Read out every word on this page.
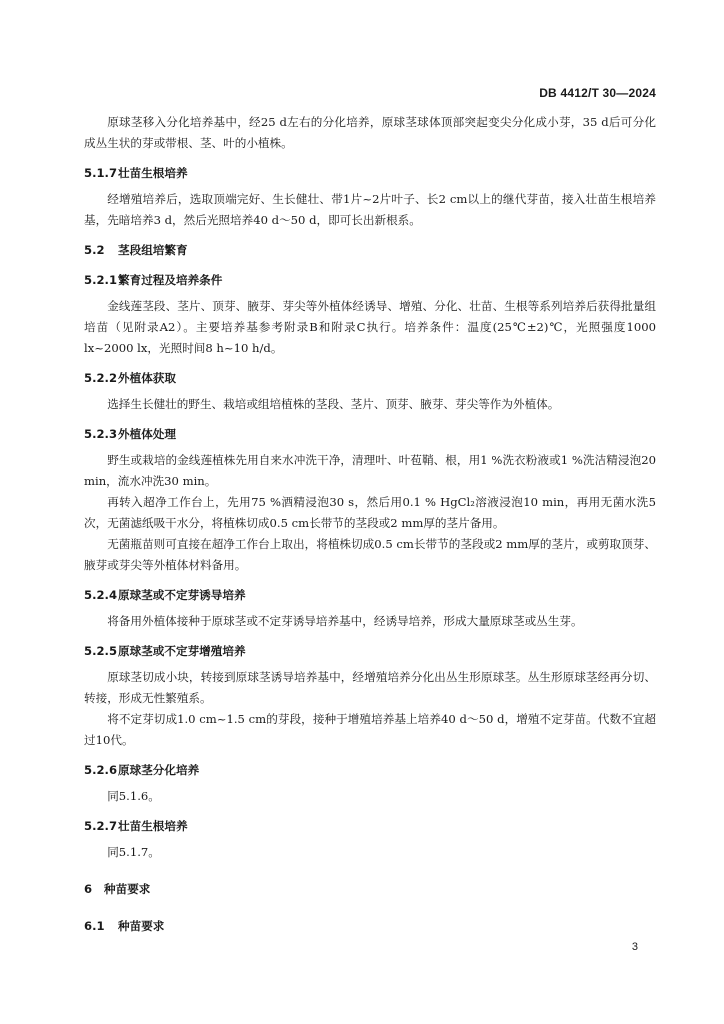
DB 4412/T 30—2024

原球茎移入分化培养基中，经25 d左右的分化培养，原球茎球体顶部突起变尖分化成小芽，35 d后可分化成丛生状的芽或带根、茎、叶的小植株。

5.1.7壮苗生根培养

经增殖培养后，选取顶端完好、生长健壮、带1片~2片叶子、长2 cm以上的继代芽苗，接入壮苗生根培养基，先暗培养3 d，然后光照培养40 d～50 d，即可长出新根系。

5.2 茎段组培繁育

5.2.1繁育过程及培养条件

金线莲茎段、茎片、顶芽、腋芽、芽尖等外植体经诱导、增殖、分化、壮苗、生根等系列培养后获得批量组培苗（见附录A2）。主要培养基参考附录B和附录C执行。培养条件：温度(25℃±2)℃，光照强度1000 lx~2000 lx，光照时间8 h~10 h/d。

5.2.2外植体获取

选择生长健壮的野生、栽培或组培植株的茎段、茎片、顶芽、腋芽、芽尖等作为外植体。

5.2.3外植体处理

野生或栽培的金线莲植株先用自来水冲洗干净，清理叶、叶苞鞘、根，用1 %洗衣粉液或1 %洗洁精浸泡20 min，流水冲洗30 min。

再转入超净工作台上，先用75 %酒精浸泡30 s，然后用0.1 % HgCl₂溶液浸泡10 min，再用无菌水洗5次，无菌滤纸吸干水分，将植株切成0.5 cm长带节的茎段或2 mm厚的茎片备用。

无菌瓶苗则可直接在超净工作台上取出，将植株切成0.5 cm长带节的茎段或2 mm厚的茎片，或剪取顶芽、腋芽或芽尖等外植体材料备用。

5.2.4原球茎或不定芽诱导培养

将备用外植体接种于原球茎或不定芽诱导培养基中，经诱导培养，形成大量原球茎或丛生芽。

5.2.5原球茎或不定芽增殖培养

原球茎切成小块，转接到原球茎诱导培养基中，经增殖培养分化出丛生形原球茎。丛生形原球茎经再分切、转接，形成无性繁殖系。

将不定芽切成1.0 cm~1.5 cm的芽段，接种于增殖培养基上培养40 d～50 d，增殖不定芽苗。代数不宜超过10代。

5.2.6原球茎分化培养

同5.1.6。

5.2.7壮苗生根培养

同5.1.7。

6 种苗要求

6.1 种苗要求

3
